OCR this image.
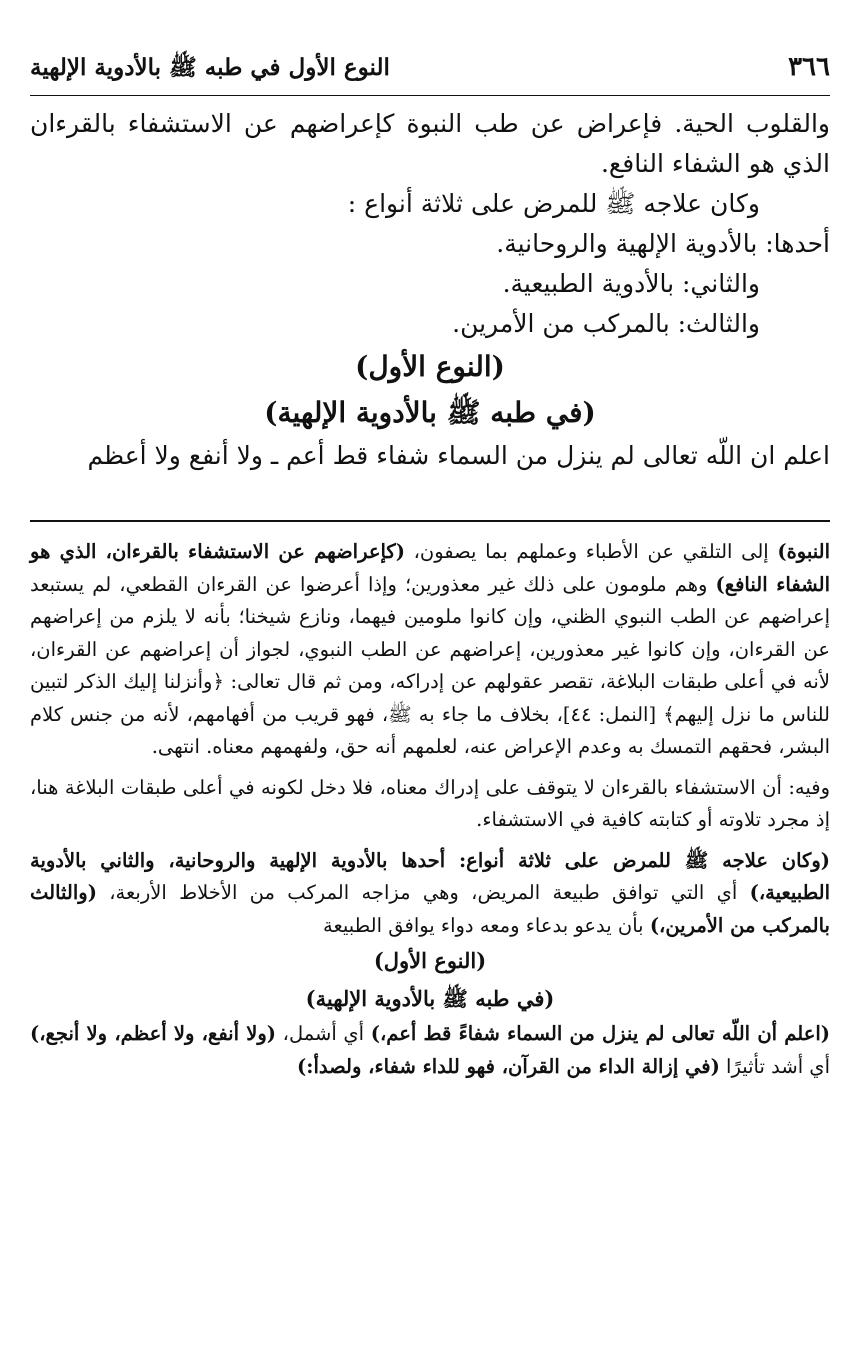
٣٦٦
النوع الأول في طبه ﷺ بالأدوية الإلهية

والقلوب الحية. فإعراض عن طب النبوة كإعراضهم عن الاستشفاء بالقرءان الذي هو الشفاء النافع.

وكان علاجه ﷺ للمرض على ثلاثة أنواع :

أحدها: بالأدوية الإلهية والروحانية.

والثاني: بالأدوية الطبيعية.

والثالث: بالمركب من الأمرين.

(النوع الأول)

(في طبه ﷺ بالأدوية الإلهية)

اعلم ان اللّه تعالى لم ينزل من السماء شفاء قط أعم ـ ولا أنفع ولا أعظم

النبوة) إلى التلقي عن الأطباء وعملهم بما يصفون، (كإعراضهم عن الاستشفاء بالقرءان، الذي هو الشفاء النافع) وهم ملومون على ذلك غير معذورين؛ وإذا أعرضوا عن القرءان القطعي، لم يستبعد إعراضهم عن الطب النبوي الظني، وإن كانوا ملومين فيهما، ونازع شيخنا؛ بأنه لا يلزم من إعراضهم عن القرءان، وإن كانوا غير معذورين، إعراضهم عن الطب النبوي، لجواز أن إعراضهم عن القرءان، لأنه في أعلى طبقات البلاغة، تقصر عقولهم عن إدراكه، ومن ثم قال تعالى: ﴿وأنزلنا إليك الذكر لتبين للناس ما نزل إليهم﴾ [النمل: ٤٤]، بخلاف ما جاء به ﷺ، فهو قريب من أفهامهم، لأنه من جنس كلام البشر، فحقهم التمسك به وعدم الإعراض عنه، لعلمهم أنه حق، ولفهمهم معناه. انتهى.

وفيه: أن الاستشفاء بالقرءان لا يتوقف على إدراك معناه، فلا دخل لكونه في أعلى طبقات البلاغة هنا، إذ مجرد تلاوته أو كتابته كافية في الاستشفاء.

(وكان علاجه ﷺ للمرض على ثلاثة أنواع: أحدها بالأدوية الإلهية والروحانية، والثاني بالأدوية الطبيعية،) أي التي توافق طبيعة المريض، وهي مزاجه المركب من الأخلاط الأربعة، (والثالث بالمركب من الأمرين،) بأن يدعو بدعاء ومعه دواء يوافق الطبيعة

(النوع الأول)

(في طبه ﷺ بالأدوية الإلهية)

(اعلم أن اللّه تعالى لم ينزل من السماء شفاءً قط أعم،) أي أشمل، (ولا أنفع، ولا أعظم، ولا أنجع،) أي أشد تأثيرًا (في إزالة الداء من القرآن، فهو للداء شفاء، ولصدأ:)
